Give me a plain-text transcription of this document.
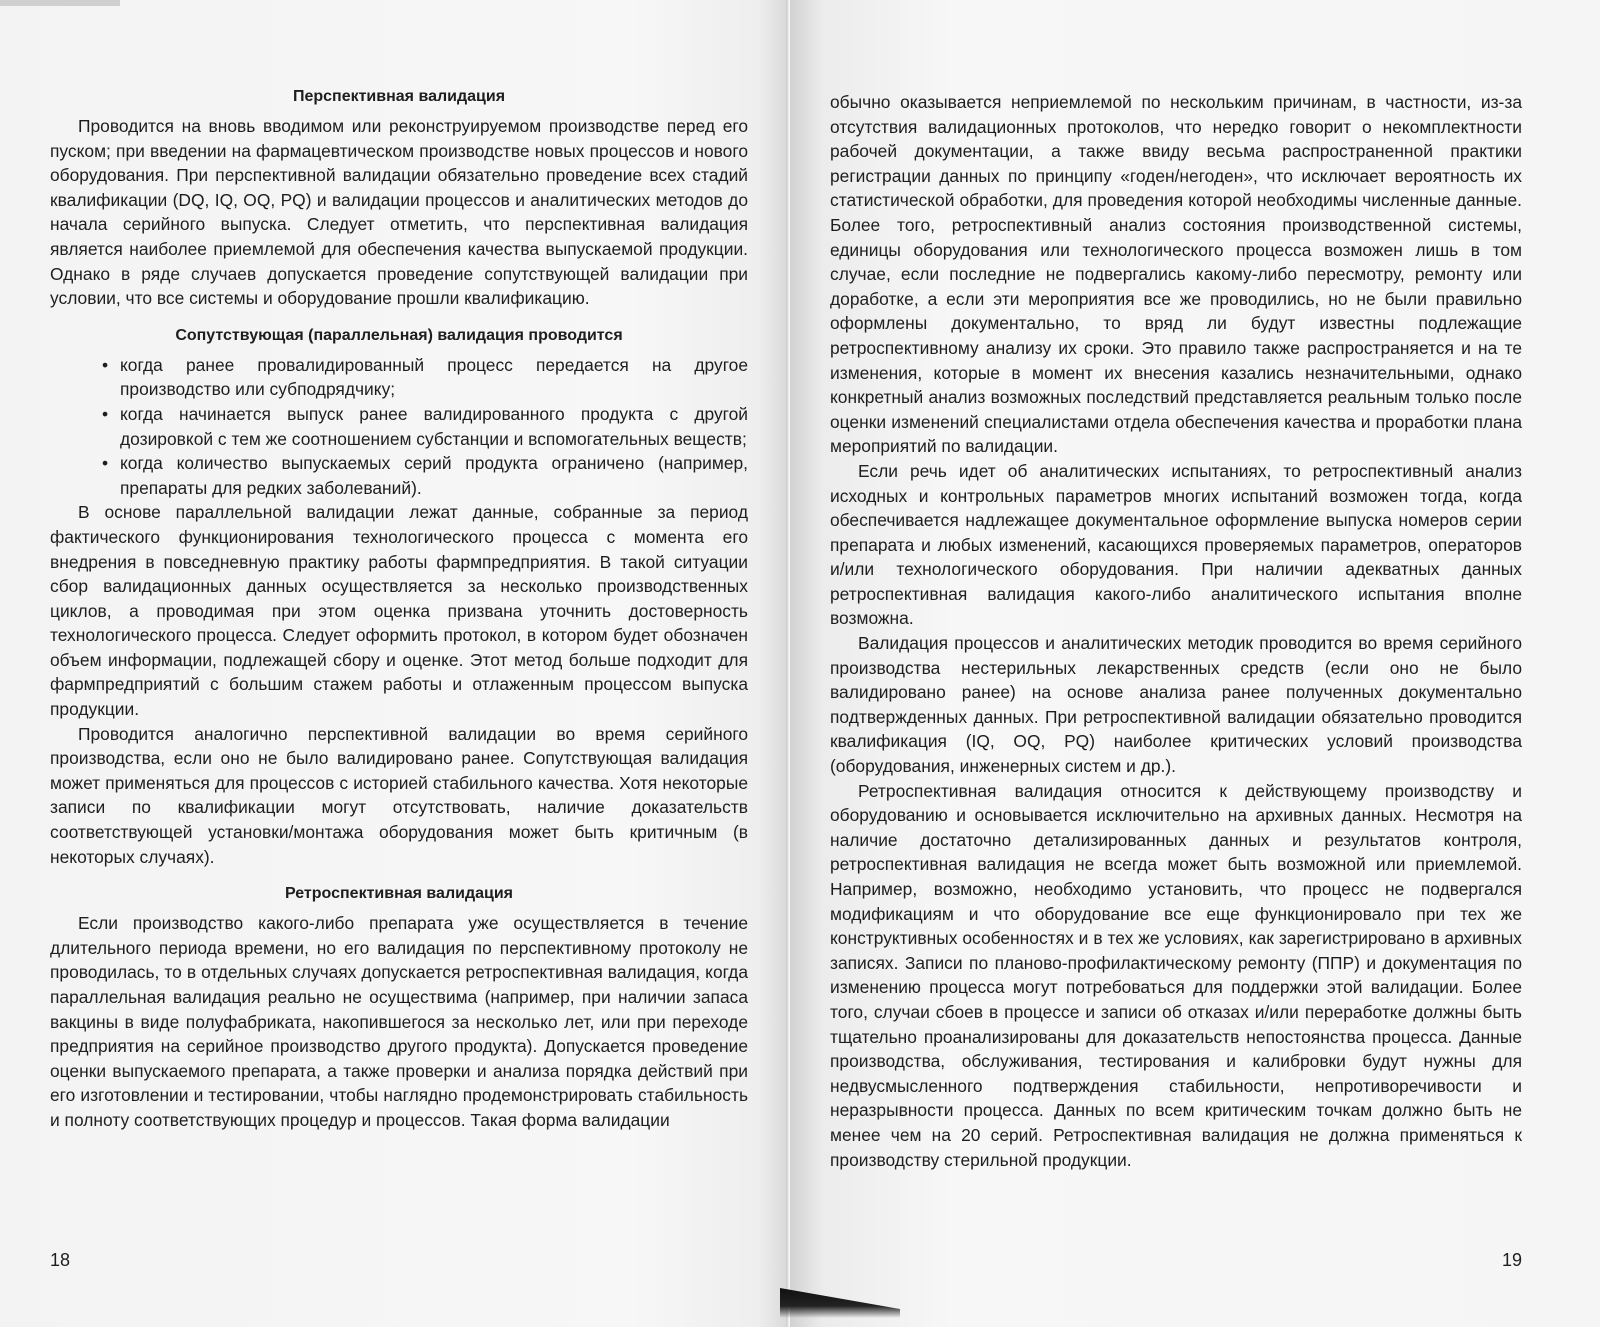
Перспективная валидация

Проводится на вновь вводимом или реконструируемом производстве перед его пуском; при введении на фармацевтическом производстве новых процессов и нового оборудования. При перспективной валидации обязательно проведение всех стадий квалификации (DQ, IQ, OQ, PQ) и валидации процессов и аналитических методов до начала серийного выпуска. Следует отметить, что перспективная валидация является наиболее приемлемой для обеспечения качества выпускаемой продукции. Однако в ряде случаев допускается проведение сопутствующей валидации при условии, что все системы и оборудование прошли квалификацию.

Сопутствующая (параллельная) валидация проводится
• когда ранее провалидированный процесс передается на другое производство или субподрядчику;
• когда начинается выпуск ранее валидированного продукта с другой дозировкой с тем же соотношением субстанции и вспомогательных веществ;
• когда количество выпускаемых серий продукта ограничено (например, препараты для редких заболеваний).

В основе параллельной валидации лежат данные, собранные за период фактического функционирования технологического процесса с момента его внедрения в повседневную практику работы фармпредприятия. В такой ситуации сбор валидационных данных осуществляется за несколько производственных циклов, а проводимая при этом оценка призвана уточнить достоверность технологического процесса. Следует оформить протокол, в котором будет обозначен объем информации, подлежащей сбору и оценке. Этот метод больше подходит для фармпредприятий с большим стажем работы и отлаженным процессом выпуска продукции.

Проводится аналогично перспективной валидации во время серийного производства, если оно не было валидировано ранее. Сопутствующая валидация может применяться для процессов с историей стабильного качества. Хотя некоторые записи по квалификации могут отсутствовать, наличие доказательств соответствующей установки/монтажа оборудования может быть критичным (в некоторых случаях).

Ретроспективная валидация

Если производство какого-либо препарата уже осуществляется в течение длительного периода времени, но его валидация по перспективному протоколу не проводилась, то в отдельных случаях допускается ретроспективная валидация, когда параллельная валидация реально не осуществима (например, при наличии запаса вакцины в виде полуфабриката, накопившегося за несколько лет, или при переходе предприятия на серийное производство другого продукта). Допускается проведение оценки выпускаемого препарата, а также проверки и анализа порядка действий при его изготовлении и тестировании, чтобы наглядно продемонстрировать стабильность и полноту соответствующих процедур и процессов. Такая форма валидации

18

обычно оказывается неприемлемой по нескольким причинам, в частности, из-за отсутствия валидационных протоколов, что нередко говорит о некомплектности рабочей документации, а также ввиду весьма распространенной практики регистрации данных по принципу «годен/негоден», что исключает вероятность их статистической обработки, для проведения которой необходимы численные данные. Более того, ретроспективный анализ состояния производственной системы, единицы оборудования или технологического процесса возможен лишь в том случае, если последние не подвергались какому-либо пересмотру, ремонту или доработке, а если эти мероприятия все же проводились, но не были правильно оформлены документально, то вряд ли будут известны подлежащие ретроспективному анализу их сроки. Это правило также распространяется и на те изменения, которые в момент их внесения казались незначительными, однако конкретный анализ возможных последствий представляется реальным только после оценки изменений специалистами отдела обеспечения качества и проработки плана мероприятий по валидации.

Если речь идет об аналитических испытаниях, то ретроспективный анализ исходных и контрольных параметров многих испытаний возможен тогда, когда обеспечивается надлежащее документальное оформление выпуска номеров серии препарата и любых изменений, касающихся проверяемых параметров, операторов и/или технологического оборудования. При наличии адекватных данных ретроспективная валидация какого-либо аналитического испытания вполне возможна.

Валидация процессов и аналитических методик проводится во время серийного производства нестерильных лекарственных средств (если оно не было валидировано ранее) на основе анализа ранее полученных документально подтвержденных данных. При ретроспективной валидации обязательно проводится квалификация (IQ, OQ, PQ) наиболее критических условий производства (оборудования, инженерных систем и др.).

Ретроспективная валидация относится к действующему производству и оборудованию и основывается исключительно на архивных данных. Несмотря на наличие достаточно детализированных данных и результатов контроля, ретроспективная валидация не всегда может быть возможной или приемлемой. Например, возможно, необходимо установить, что процесс не подвергался модификациям и что оборудование все еще функционировало при тех же конструктивных особенностях и в тех же условиях, как зарегистрировано в архивных записях. Записи по планово-профилактическому ремонту (ППР) и документация по изменению процесса могут потребоваться для поддержки этой валидации. Более того, случаи сбоев в процессе и записи об отказах и/или переработке должны быть тщательно проанализированы для доказательств непостоянства процесса. Данные производства, обслуживания, тестирования и калибровки будут нужны для недвусмысленного подтверждения стабильности, непротиворечивости и неразрывности процесса. Данных по всем критическим точкам должно быть не менее чем на 20 серий. Ретроспективная валидация не должна применяться к производству стерильной продукции.

19
